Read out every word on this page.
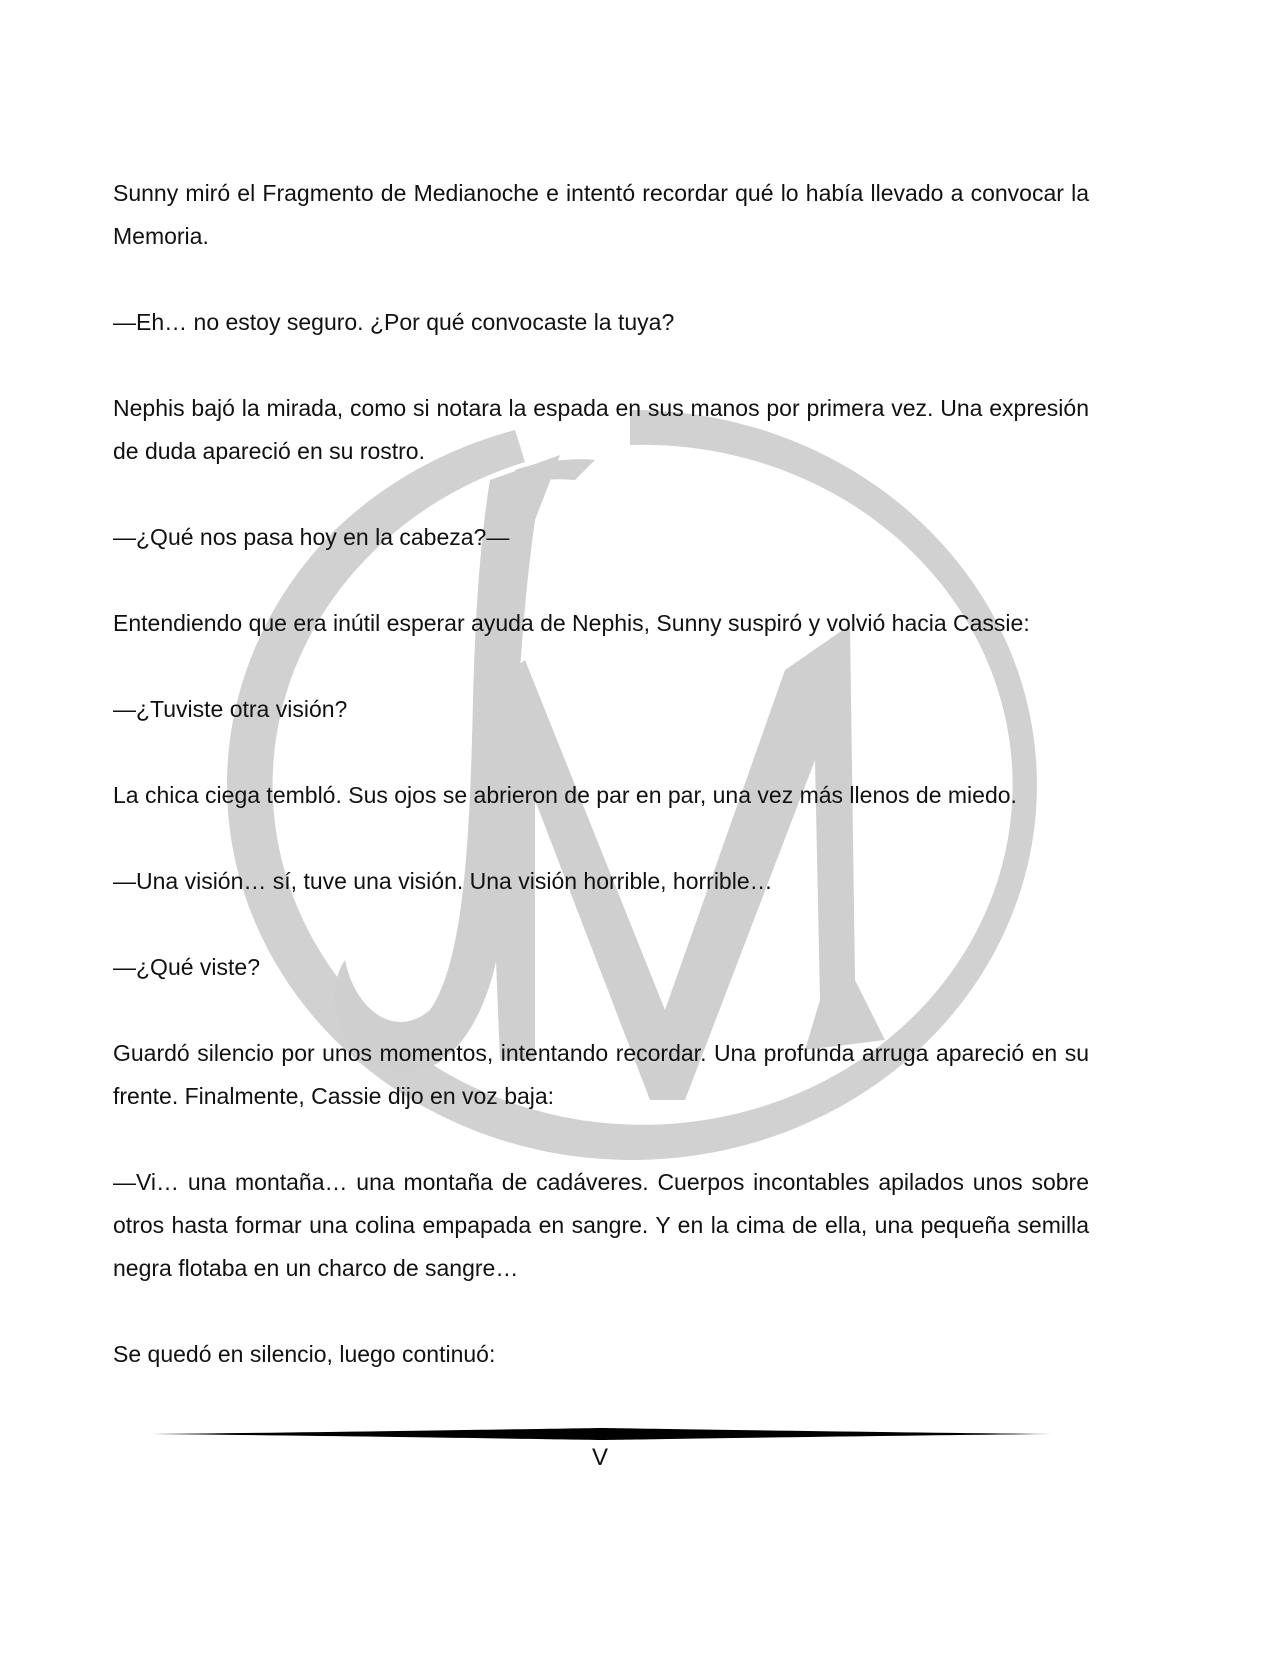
Sunny miró el Fragmento de Medianoche e intentó recordar qué lo había llevado a convocar la Memoria.

—Eh… no estoy seguro. ¿Por qué convocaste la tuya?

Nephis bajó la mirada, como si notara la espada en sus manos por primera vez. Una expresión de duda apareció en su rostro.

—¿Qué nos pasa hoy en la cabeza?—

Entendiendo que era inútil esperar ayuda de Nephis, Sunny suspiró y volvió hacia Cassie:

—¿Tuviste otra visión?

La chica ciega tembló. Sus ojos se abrieron de par en par, una vez más llenos de miedo.

—Una visión… sí, tuve una visión. Una visión horrible, horrible…

—¿Qué viste?

Guardó silencio por unos momentos, intentando recordar. Una profunda arruga apareció en su frente. Finalmente, Cassie dijo en voz baja:

—Vi… una montaña… una montaña de cadáveres. Cuerpos incontables apilados unos sobre otros hasta formar una colina empapada en sangre. Y en la cima de ella, una pequeña semilla negra flotaba en un charco de sangre…

Se quedó en silencio, luego continuó:

V
